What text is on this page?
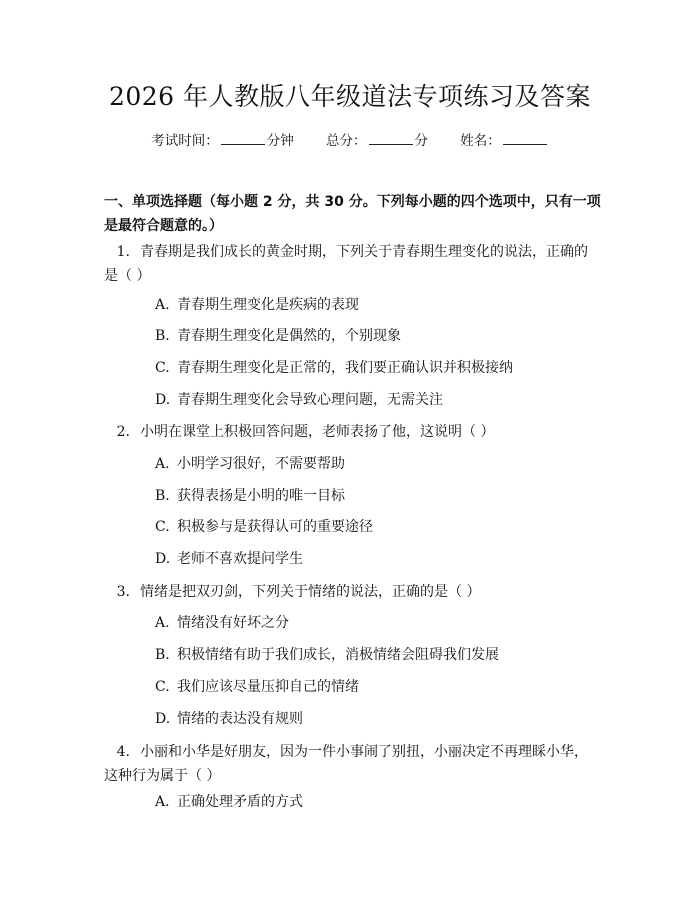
2026 年人教版八年级道法专项练习及答案
考试时间：	分钟 总分：	分 姓名：
一、单项选择题（每小题 2 分，共 30 分。下列每小题的四个选项中，只有一项是最符合题意的。）
1. 青春期是我们成长的黄金时期，下列关于青春期生理变化的说法，正确的是（ ）
A. 青春期生理变化是疾病的表现
B. 青春期生理变化是偶然的，个别现象
C. 青春期生理变化是正常的，我们要正确认识并积极接纳
D. 青春期生理变化会导致心理问题，无需关注
2. 小明在课堂上积极回答问题，老师表扬了他，这说明（ ）
A. 小明学习很好，不需要帮助
B. 获得表扬是小明的唯一目标
C. 积极参与是获得认可的重要途径
D. 老师不喜欢提问学生
3. 情绪是把双刃剑，下列关于情绪的说法，正确的是（ ）
A. 情绪没有好坏之分
B. 积极情绪有助于我们成长，消极情绪会阻碍我们发展
C. 我们应该尽量压抑自己的情绪
D. 情绪的表达没有规则
4. 小丽和小华是好朋友，因为一件小事闹了别扭，小丽决定不再理睬小华，这种行为属于（ ）
A. 正确处理矛盾的方式
